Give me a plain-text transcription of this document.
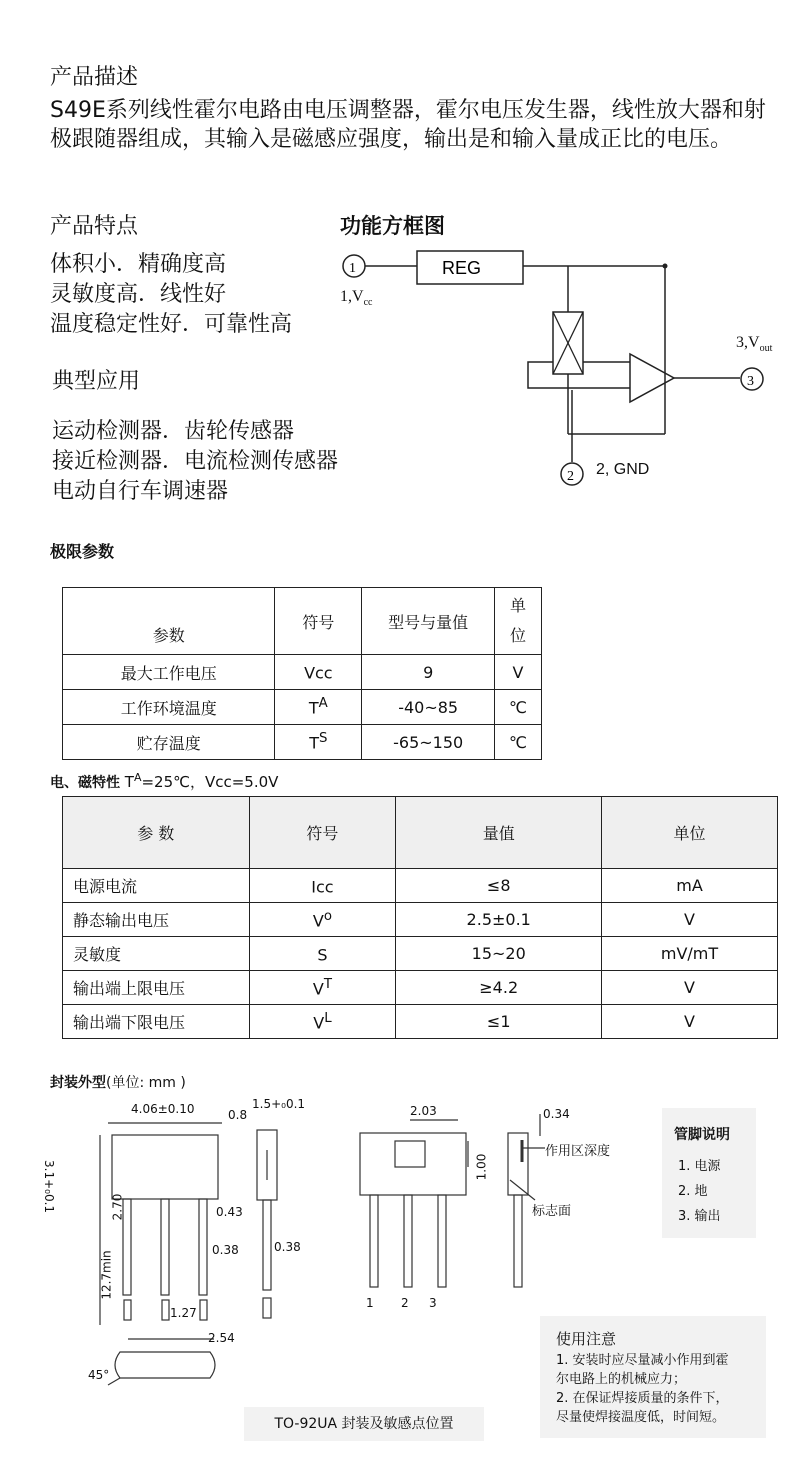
产品描述
S49E系列线性霍尔电路由电压调整器，霍尔电压发生器，线性放大器和射极跟随器组成，其输入是磁感应强度，输出是和输入量成正比的电压。
产品特点
体积小．精确度高
灵敏度高．线性好
温度稳定性好．可靠性高
典型应用
运动检测器．齿轮传感器
接近检测器．电流检测传感器
电动自行车调速器
功能方框图
1	REG
3
2
$1,V_{cc}$
$3,V_{out}$
2, GND
极限参数
参数	符号	型号与量值	单
位

最大工作电压	Vcc	9	V
工作环境温度	$T^A$	-40~85	℃
贮存温度	$T^S$	-65~150	℃
电、磁特性 $T^A=25℃$，Vcc=5.0V
参 数	符号	量值	单位
电源电流	Icc	≤8	mA
静态输出电压	$V^o$	2.5±0.1	V
灵敏度	S	15~20	mV/mT
输出端上限电压	$V^T$	≥4.2	V
输出端下限电压	$V^L$	≤1	V
封装外型(单位: mm )
4.06±0.10	0.8
1.5+₀0.1
3.1+₀0.1	2.70	0.43
0.38	0.38
12.7min
1.27
2.54
45°
2.03
1.00
0.34
作用区深度
标志面
1 2 3
管脚说明
1. 电源
2. 地
3. 输出
使用注意
1. 安装时应尽量减小作用到霍
尔电路上的机械应力；
2. 在保证焊接质量的条件下，
尽量使焊接温度低，时间短。
TO-92UA 封装及敏感点位置
